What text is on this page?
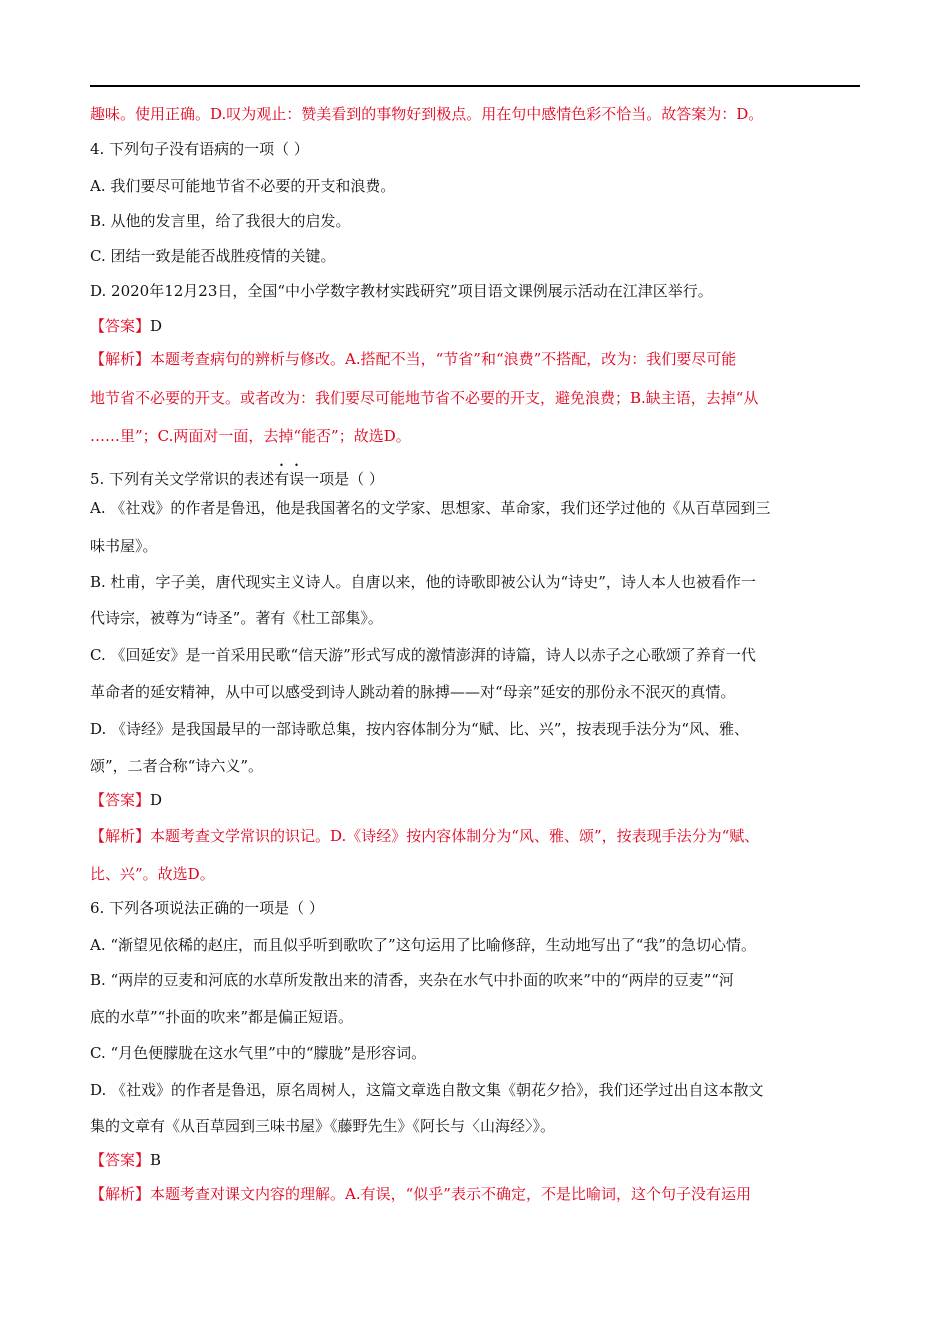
趣味。使用正确。D.叹为观止：赞美看到的事物好到极点。用在句中感情色彩不恰当。故答案为：D。
4. 下列句子没有语病的一项（ ）
A. 我们要尽可能地节省不必要的开支和浪费。
B. 从他的发言里，给了我很大的启发。
C. 团结一致是能否战胜疫情的关键。
D. 2020年12月23日，全国“中小学数字教材实践研究”项目语文课例展示活动在江津区举行。
【答案】D
【解析】本题考查病句的辨析与修改。A.搭配不当，“节省”和“浪费”不搭配，改为：我们要尽可能
地节省不必要的开支。或者改为：我们要尽可能地节省不必要的开支，避免浪费；B.缺主语，去掉“从
……里”；C.两面对一面，去掉“能否”；故选D。
5. 下列有关文学常识的表述有误一项是（ ）
A. 《社戏》的作者是鲁迅，他是我国著名的文学家、思想家、革命家，我们还学过他的《从百草园到三
味书屋》。
B. 杜甫，字子美，唐代现实主义诗人。自唐以来，他的诗歌即被公认为“诗史”，诗人本人也被看作一
代诗宗，被尊为“诗圣”。著有《杜工部集》。
C. 《回延安》是一首采用民歌“信天游”形式写成的激情澎湃的诗篇，诗人以赤子之心歌颂了养育一代
革命者的延安精神，从中可以感受到诗人跳动着的脉搏——对“母亲”延安的那份永不泯灭的真情。
D. 《诗经》是我国最早的一部诗歌总集，按内容体制分为“赋、比、兴”，按表现手法分为“风、雅、
颂”，二者合称“诗六义”。
【答案】D
【解析】本题考查文学常识的识记。D.《诗经》按内容体制分为“风、雅、颂”，按表现手法分为“赋、
比、兴”。故选D。
6. 下列各项说法正确的一项是（ ）
A. “渐望见依稀的赵庄，而且似乎听到歌吹了”这句运用了比喻修辞，生动地写出了“我”的急切心情。
B. “两岸的豆麦和河底的水草所发散出来的清香，夹杂在水气中扑面的吹来”中的“两岸的豆麦”“河
底的水草”“扑面的吹来”都是偏正短语。
C. “月色便朦胧在这水气里”中的“朦胧”是形容词。
D. 《社戏》的作者是鲁迅，原名周树人，这篇文章选自散文集《朝花夕拾》，我们还学过出自这本散文
集的文章有《从百草园到三味书屋》《藤野先生》《阿长与〈山海经〉》。
【答案】B
【解析】本题考查对课文内容的理解。A.有误，“似乎”表示不确定，不是比喻词，这个句子没有运用
